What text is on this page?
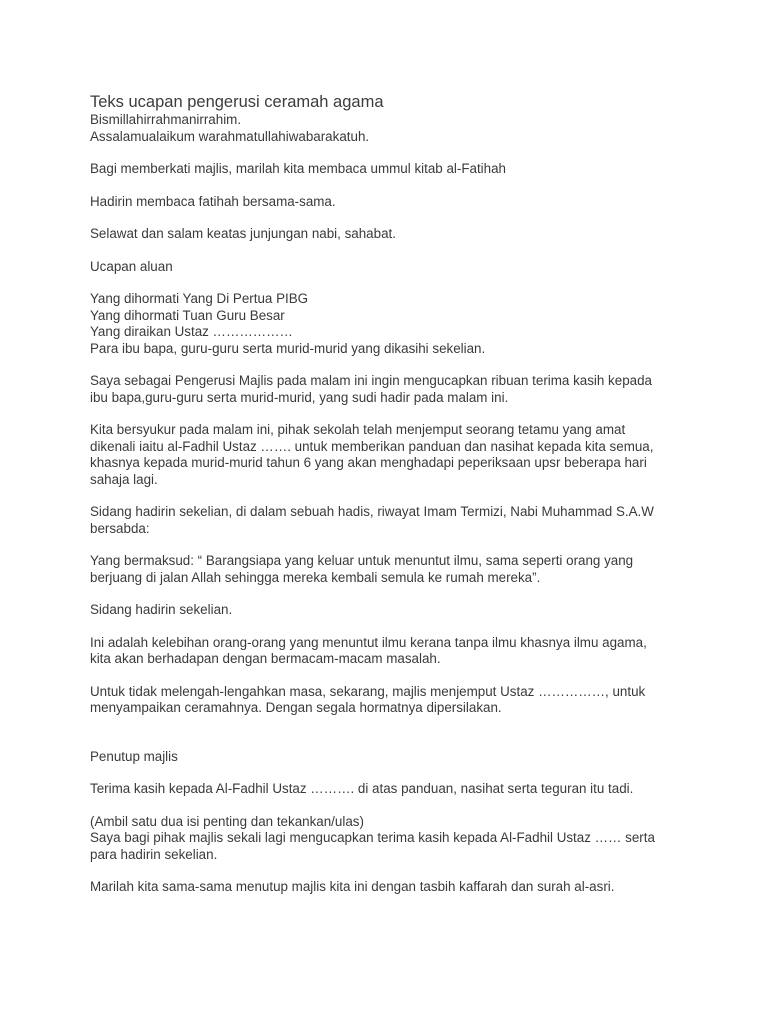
Teks ucapan pengerusi ceramah agama
Bismillahirrahmanirrahim.
Assalamualaikum warahmatullahiwabarakatuh.
Bagi memberkati majlis, marilah kita membaca ummul kitab al-Fatihah
Hadirin membaca fatihah bersama-sama.
Selawat dan salam keatas junjungan nabi, sahabat.
Ucapan aluan
Yang dihormati Yang Di Pertua PIBG
Yang dihormati Tuan Guru Besar
Yang diraikan Ustaz ………………
Para ibu bapa, guru-guru serta murid-murid yang dikasihi sekelian.
Saya sebagai Pengerusi Majlis pada malam ini ingin mengucapkan ribuan terima kasih kepada
ibu bapa,guru-guru serta murid-murid, yang sudi hadir pada malam ini.
Kita bersyukur pada malam ini, pihak sekolah telah menjemput seorang tetamu yang amat
dikenali iaitu al-Fadhil Ustaz ……. untuk memberikan panduan dan nasihat kepada kita semua,
khasnya kepada murid-murid tahun 6 yang akan menghadapi peperiksaan upsr beberapa hari
sahaja lagi.
Sidang hadirin sekelian, di dalam sebuah hadis, riwayat Imam Termizi, Nabi Muhammad S.A.W
bersabda:
Yang bermaksud: “ Barangsiapa yang keluar untuk menuntut ilmu, sama seperti orang yang
berjuang di jalan Allah sehingga mereka kembali semula ke rumah mereka”.
Sidang hadirin sekelian.
Ini adalah kelebihan orang-orang yang menuntut ilmu kerana tanpa ilmu khasnya ilmu agama,
kita akan berhadapan dengan bermacam-macam masalah.
Untuk tidak melengah-lengahkan masa, sekarang, majlis menjemput Ustaz ……………, untuk
menyampaikan ceramahnya. Dengan segala hormatnya dipersilakan.
Penutup majlis
Terima kasih kepada Al-Fadhil Ustaz ………. di atas panduan, nasihat serta teguran itu tadi.
(Ambil satu dua isi penting dan tekankan/ulas)
Saya bagi pihak majlis sekali lagi mengucapkan terima kasih kepada Al-Fadhil Ustaz …… serta
para hadirin sekelian.
Marilah kita sama-sama menutup majlis kita ini dengan tasbih kaffarah dan surah al-asri.
